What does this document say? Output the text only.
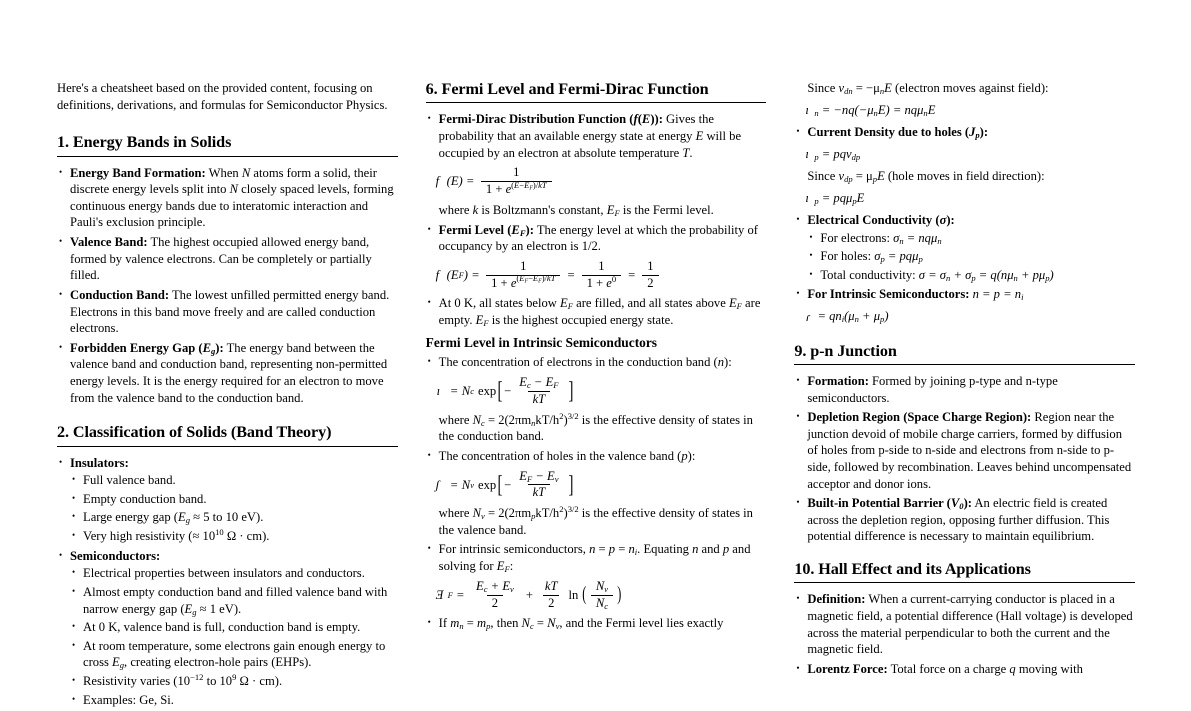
Here's a cheatsheet based on the provided content, focusing on definitions, derivations, and formulas for Semiconductor Physics.

1. Energy Bands in Solids
• Energy Band Formation: When N atoms form a solid, their discrete energy levels split into N closely spaced levels, forming continuous energy bands due to interatomic interaction and Pauli's exclusion principle.
• Valence Band: The highest occupied allowed energy band, formed by valence electrons. Can be completely or partially filled.
• Conduction Band: The lowest unfilled permitted energy band. Electrons in this band move freely and are called conduction electrons.
• Forbidden Energy Gap $(E_g)$: The energy band between the valence band and conduction band, representing non-permitted energy levels. It is the energy required for an electron to move from the valence band to the conduction band.
2. Classification of Solids (Band Theory)
• Insulators:
• Full valence band.
• Empty conduction band.
• Large energy gap ($E_g \approx 5$ to 10 eV).
• Very high resistivity (≈ $10^{10}$ Ω · cm).
• Semiconductors:
• Electrical properties between insulators and conductors.
• Almost empty conduction band and filled valence band with narrow energy gap ($E_g \approx 1$ eV).
• At 0 K, valence band is full, conduction band is empty.
• At room temperature, some electrons gain enough energy to cross $E_g$, creating electron-hole pairs (EHPs).
• Resistivity varies ($10^{-12}$ to $10^9$ Ω · cm).
• Examples: Ge, Si.
6. Fermi Level and Fermi-Dirac Function
• Fermi-Dirac Distribution Function (f(E)): Gives the probability that an available energy state at energy E will be occupied by an electron at absolute temperature T.
f $(E) = \frac{1}{1 + e^{(E-E_F)/kT}}$
where k is Boltzmann's constant, $E_F$ is the Fermi level.
• Fermi Level $(E_F)$: The energy level at which the probability of occupancy by an electron is 1/2.
f (E F ) = $\frac{1}{1 + e^{(E_F-E_F)/kT}} = \frac{1}{1 + e^0} = \frac{1}{2}$
• At 0 K, all states below $E_F$ are filled, and all states above $E_F$ are empty. $E_F$ is the highest occupied energy state.
Fermi Level in Intrinsic Semiconductors
• The concentration of electrons in the conduction band (n):
ı = N c exp [ − $\frac{E_c - E_F}{kT}$ ]
where $N_c = 2(2\pi m_nkT/h^2)^{3/2}$ is the effective density of states in the conduction band.
• The concentration of holes in the valence band (p):
ʃ = N v exp [ − $\frac{E_F - E_v}{kT}$ ]
where $N_v = 2(2\pi m_pkT/h^2)^{3/2}$ is the effective density of states in the valence band.
• For intrinsic semiconductors, $n = p = n_i$. Equating n and p and solving for $E_F$:
Ǝ $F = \frac{E_c + E_v}{2} + \frac{kT}{2}$ ln ( $\frac{N_v}{N_c}$ )
• If $m_n = m_p$, then $N_c = N_v$, and the Fermi level lies exactly
Since $v_{dn} = -\mu_nE$ (electron moves against field):
ı $_n = -nq(-\mu_nE) = nq\mu_nE$
• Current Density due to holes $(J_p)$:
ı $_p$ = pqv$_{dp}$
Since $v_{dp} = \mu_pE$ (hole moves in field direction):
ı $_p$ = pqμ$_p$E
• Electrical Conductivity (σ):
• For electrons: $\sigma_n = nq\mu_n$
• For holes: $\sigma_p = pq\mu_p$
• Total conductivity: $\sigma = \sigma_n + \sigma_p = q(n\mu_n + p\mu_p)$
• For Intrinsic Semiconductors: $n = p = n_i$
ɾ = $qn_i(\mu_n + \mu_p)$
9. p-n Junction
• Formation: Formed by joining p-type and n-type semiconductors.
• Depletion Region (Space Charge Region): Region near the junction devoid of mobile charge carriers, formed by diffusion of holes from p-side to n-side and electrons from n-side to p-side, followed by recombination. Leaves behind uncompensated acceptor and donor ions.
• Built-in Potential Barrier $(V_0)$: An electric field is created across the depletion region, opposing further diffusion. This potential difference is necessary to maintain equilibrium.
10. Hall Effect and its Applications
• Definition: When a current-carrying conductor is placed in a magnetic field, a potential difference (Hall voltage) is developed across the material perpendicular to both the current and the magnetic field.
• Lorentz Force: Total force on a charge q moving with
